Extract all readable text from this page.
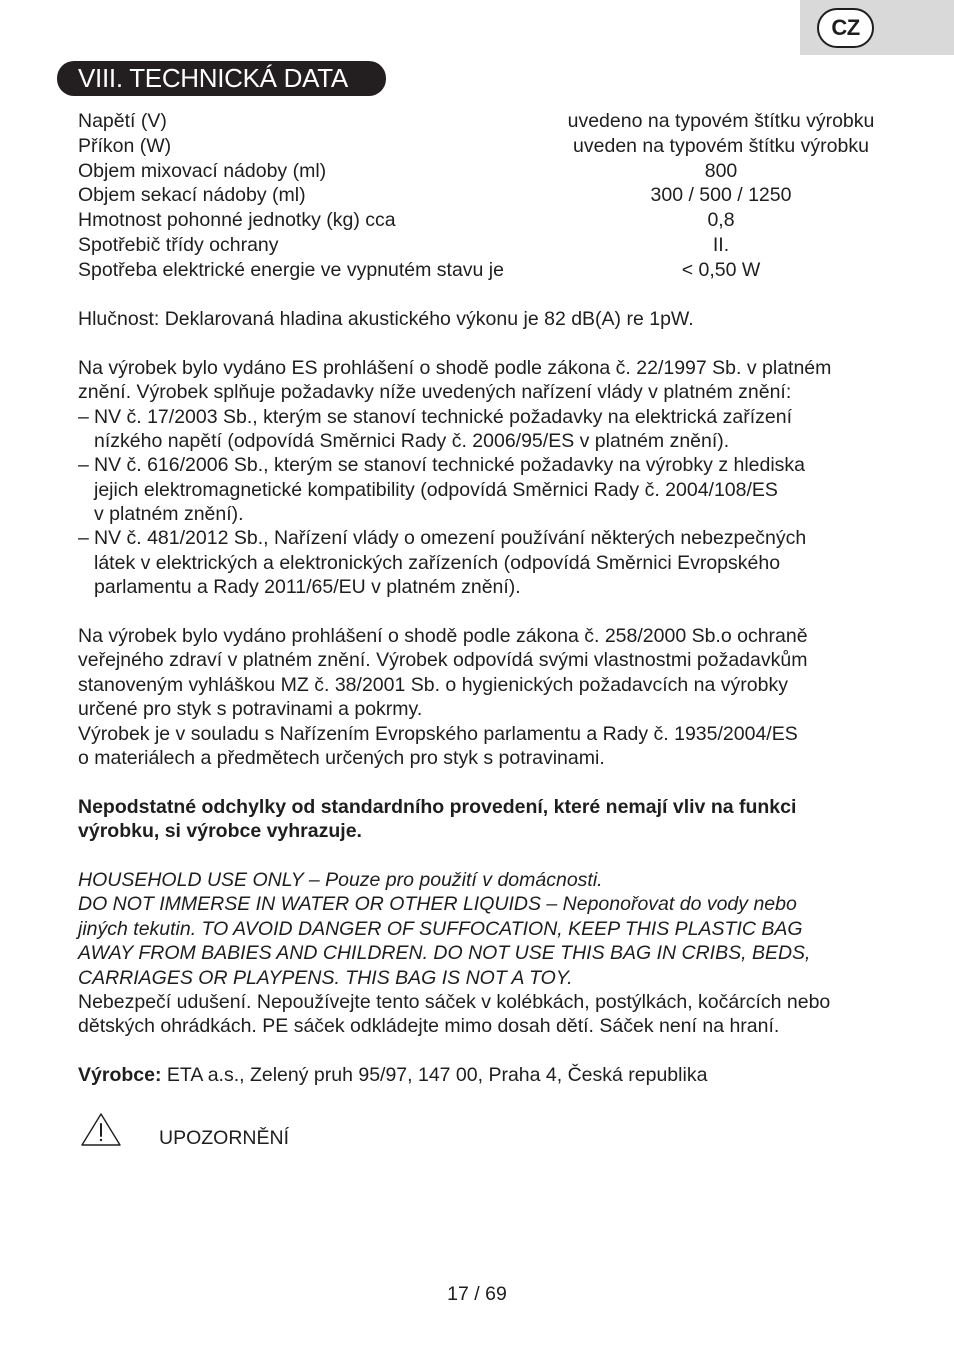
CZ
VIII. TECHNICKÁ DATA
Napětí (V)	uvedeno na typovém štítku výrobku
Příkon (W)	uveden na typovém štítku výrobku
Objem mixovací nádoby (ml)	800
Objem sekací nádoby (ml)	300 / 500 / 1250
Hmotnost pohonné jednotky (kg) cca	0,8
Spotřebič třídy ochrany	II.
Spotřeba elektrické energie ve vypnutém stavu je	< 0,50 W
Hlučnost: Deklarovaná hladina akustického výkonu je 82 dB(A) re 1pW.
Na výrobek bylo vydáno ES prohlášení o shodě podle zákona č. 22/1997 Sb. v platném
znění. Výrobek splňuje požadavky níže uvedených nařízení vlády v platném znění:
– NV č. 17/2003 Sb., kterým se stanoví technické požadavky na elektrická zařízení
nízkého napětí (odpovídá Směrnici Rady č. 2006/95/ES v platném znění).
– NV č. 616/2006 Sb., kterým se stanoví technické požadavky na výrobky z hlediska
jejich elektromagnetické kompatibility (odpovídá Směrnici Rady č. 2004/108/ES
v platném znění).
– NV č. 481/2012 Sb., Nařízení vlády o omezení používání některých nebezpečných
látek v elektrických a elektronických zařízeních (odpovídá Směrnici Evropského
parlamentu a Rady 2011/65/EU v platném znění).
Na výrobek bylo vydáno prohlášení o shodě podle zákona č. 258/2000 Sb.o ochraně
veřejného zdraví v platném znění. Výrobek odpovídá svými vlastnostmi požadavkům
stanoveným vyhláškou MZ č. 38/2001 Sb. o hygienických požadavcích na výrobky
určené pro styk s potravinami a pokrmy.
Výrobek je v souladu s Nařízením Evropského parlamentu a Rady č. 1935/2004/ES
o materiálech a předmětech určených pro styk s potravinami.
Nepodstatné odchylky od standardního provedení, které nemají vliv na funkci
výrobku, si výrobce vyhrazuje.
HOUSEHOLD USE ONLY – Pouze pro použití v domácnosti.
DO NOT IMMERSE IN WATER OR OTHER LIQUIDS – Neponořovat do vody nebo
jiných tekutin. TO AVOID DANGER OF SUFFOCATION, KEEP THIS PLASTIC BAG
AWAY FROM BABIES AND CHILDREN. DO NOT USE THIS BAG IN CRIBS, BEDS,
CARRIAGES OR PLAYPENS. THIS BAG IS NOT A TOY.
Nebezpečí udušení. Nepoužívejte tento sáček v kolébkách, postýlkách, kočárcích nebo
dětských ohrádkách. PE sáček odkládejte mimo dosah dětí. Sáček není na hraní.
Výrobce: ETA a.s., Zelený pruh 95/97, 147 00, Praha 4, Česká republika
UPOZORNĚNÍ
17 / 69
